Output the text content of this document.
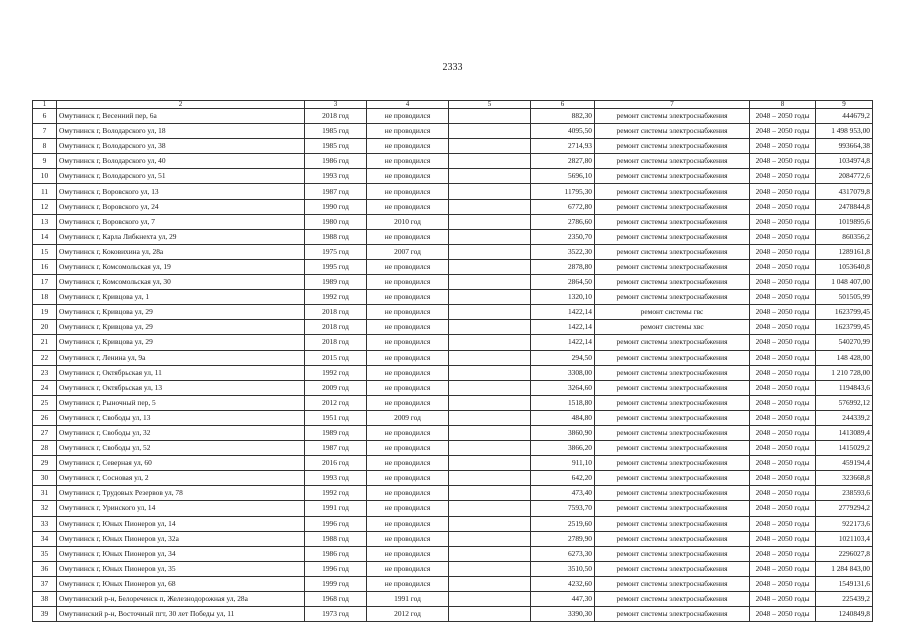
2333
1	2	3	4	5	6	7	8	9
6	Омутнинск г, Весенний пер, 6а	2018 год	не проводился		882,30	ремонт системы электроснабжения	2048 – 2050 годы	444679,2
7	Омутнинск г, Володарского ул, 18	1985 год	не проводился		4095,50	ремонт системы электроснабжения	2048 – 2050 годы	1 498 953,00
8	Омутнинск г, Володарского ул, 38	1985 год	не проводился		2714,93	ремонт системы электроснабжения	2048 – 2050 годы	993664,38
9	Омутнинск г, Володарского ул, 40	1986 год	не проводился		2827,80	ремонт системы электроснабжения	2048 – 2050 годы	1034974,8
10	Омутнинск г, Володарского ул, 51	1993 год	не проводился		5696,10	ремонт системы электроснабжения	2048 – 2050 годы	2084772,6
11	Омутнинск г, Воровского ул, 13	1987 год	не проводился		11795,30	ремонт системы электроснабжения	2048 – 2050 годы	4317079,8
12	Омутнинск г, Воровского ул, 24	1990 год	не проводился		6772,80	ремонт системы электроснабжения	2048 – 2050 годы	2478844,8
13	Омутнинск г, Воровского ул, 7	1980 год	2010 год		2786,60	ремонт системы электроснабжения	2048 – 2050 годы	1019895,6
14	Омутнинск г, Карла Либкнехта ул, 29	1988 год	не проводился		2350,70	ремонт системы электроснабжения	2048 – 2050 годы	860356,2
15	Омутнинск г, Коковихина ул, 28а	1975 год	2007 год		3522,30	ремонт системы электроснабжения	2048 – 2050 годы	1289161,8
16	Омутнинск г, Комсомольская ул, 19	1995 год	не проводился		2878,80	ремонт системы электроснабжения	2048 – 2050 годы	1053640,8
17	Омутнинск г, Комсомольская ул, 30	1989 год	не проводился		2864,50	ремонт системы электроснабжения	2048 – 2050 годы	1 048 407,00
18	Омутнинск г, Кривцова ул, 1	1992 год	не проводился		1320,10	ремонт системы электроснабжения	2048 – 2050 годы	501505,99
19	Омутнинск г, Кривцова ул, 29	2018 год	не проводился		1422,14	ремонт системы гвс	2048 – 2050 годы	1623799,45
20	Омутнинск г, Кривцова ул, 29	2018 год	не проводился		1422,14	ремонт системы хвс	2048 – 2050 годы	1623799,45
21	Омутнинск г, Кривцова ул, 29	2018 год	не проводился		1422,14	ремонт системы электроснабжения	2048 – 2050 годы	540270,99
22	Омутнинск г, Ленина ул, 9а	2015 год	не проводился		294,50	ремонт системы электроснабжения	2048 – 2050 годы	148 428,00
23	Омутнинск г, Октябрьская ул, 11	1992 год	не проводился		3308,00	ремонт системы электроснабжения	2048 – 2050 годы	1 210 728,00
24	Омутнинск г, Октябрьская ул, 13	2009 год	не проводился		3264,60	ремонт системы электроснабжения	2048 – 2050 годы	1194843,6
25	Омутнинск г, Рыночный пер, 5	2012 год	не проводился		1518,80	ремонт системы электроснабжения	2048 – 2050 годы	576992,12
26	Омутнинск г, Свободы ул, 13	1951 год	2009 год		484,80	ремонт системы электроснабжения	2048 – 2050 годы	244339,2
27	Омутнинск г, Свободы ул, 32	1989 год	не проводился		3860,90	ремонт системы электроснабжения	2048 – 2050 годы	1413089,4
28	Омутнинск г, Свободы ул, 52	1987 год	не проводился		3866,20	ремонт системы электроснабжения	2048 – 2050 годы	1415029,2
29	Омутнинск г, Северная ул, 60	2016 год	не проводился		911,10	ремонт системы электроснабжения	2048 – 2050 годы	459194,4
30	Омутнинск г, Сосновая ул, 2	1993 год	не проводился		642,20	ремонт системы электроснабжения	2048 – 2050 годы	323668,8
31	Омутнинск г, Трудовых Резервов ул, 78	1992 год	не проводился		473,40	ремонт системы электроснабжения	2048 – 2050 годы	238593,6
32	Омутнинск г, Уринского ул, 14	1991 год	не проводился		7593,70	ремонт системы электроснабжения	2048 – 2050 годы	2779294,2
33	Омутнинск г, Юных Пионеров ул, 14	1996 год	не проводился		2519,60	ремонт системы электроснабжения	2048 – 2050 годы	922173,6
34	Омутнинск г, Юных Пионеров ул, 32а	1988 год	не проводился		2789,90	ремонт системы электроснабжения	2048 – 2050 годы	1021103,4
35	Омутнинск г, Юных Пионеров ул, 34	1986 год	не проводился		6273,30	ремонт системы электроснабжения	2048 – 2050 годы	2296027,8
36	Омутнинск г, Юных Пионеров ул, 35	1996 год	не проводился		3510,50	ремонт системы электроснабжения	2048 – 2050 годы	1 284 843,00
37	Омутнинск г, Юных Пионеров ул, 68	1999 год	не проводился		4232,60	ремонт системы электроснабжения	2048 – 2050 годы	1549131,6
38	Омутнинский р-н, Белореченск п, Железнодорожная ул, 28а	1968 год	1991 год		447,30	ремонт системы электроснабжения	2048 – 2050 годы	225439,2
39	Омутнинский р-н, Восточный пгт, 30 лет Победы ул, 11	1973 год	2012 год		3390,30	ремонт системы электроснабжения	2048 – 2050 годы	1240849,8
